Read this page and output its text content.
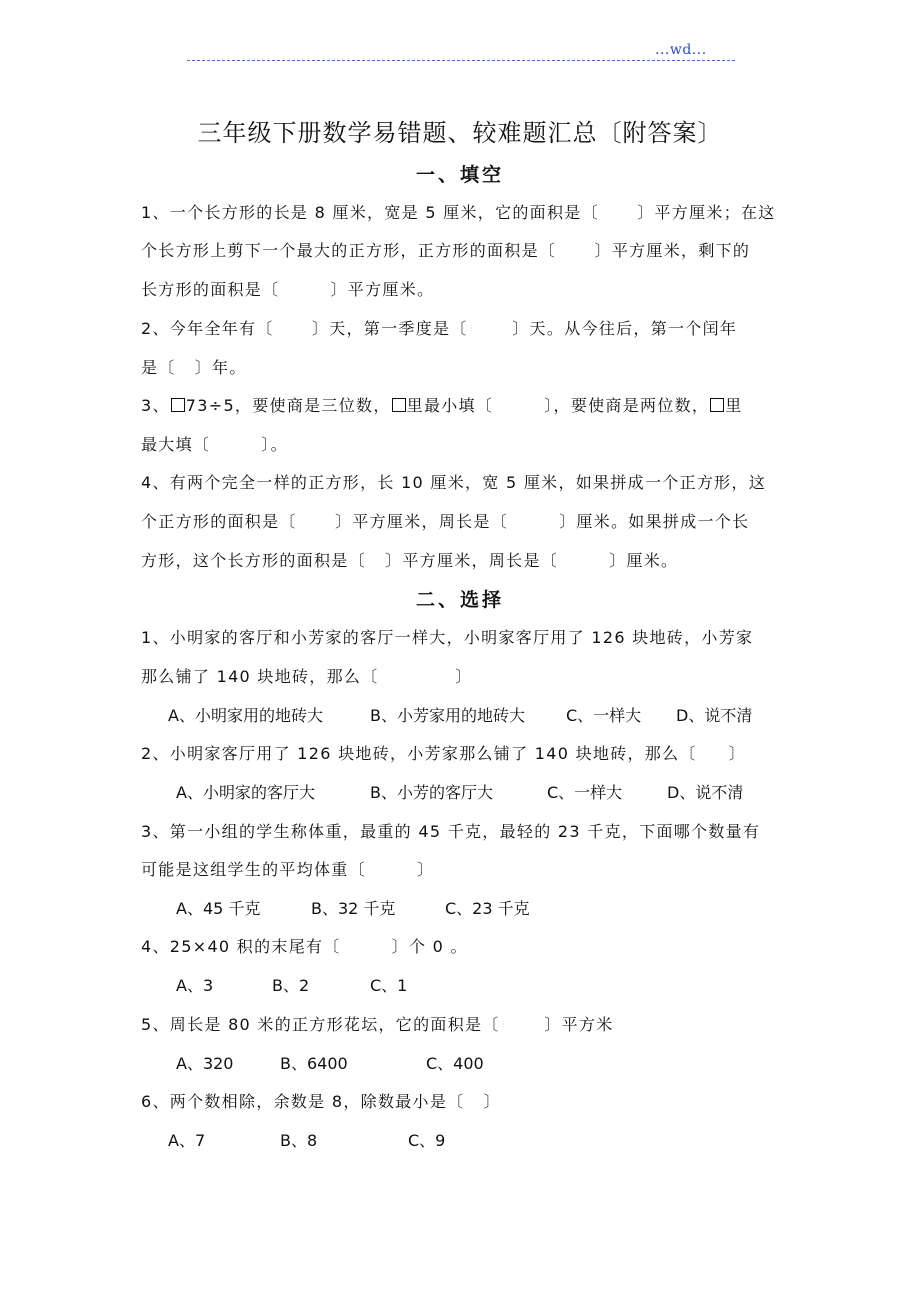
...wd...
三年级下册数学易错题、较难题汇总〔附答案〕
一、填空
1、一个长方形的长是 8 厘米，宽是 5 厘米，它的面积是〔      〕平方厘米；在这
个长方形上剪下一个最大的正方形，正方形的面积是〔      〕平方厘米，剩下的
长方形的面积是〔        〕平方厘米。
2、今年全年有〔      〕天，第一季度是〔       〕天。从今往后，第一个闰年
是〔   〕年。
3、 73÷5，要使商是三位数， 里最小填〔        〕，要使商是两位数， 里
最大填〔        〕。
4、有两个完全一样的正方形，长 10 厘米，宽 5 厘米，如果拼成一个正方形，这
个正方形的面积是〔      〕平方厘米，周长是〔        〕厘米。如果拼成一个长
方形，这个长方形的面积是〔   〕平方厘米，周长是〔        〕厘米。
二、选择
1、小明家的客厅和小芳家的客厅一样大，小明家客厅用了 126 块地砖，小芳家
那么铺了 140 块地砖，那么〔            〕
A、小明家用的地砖大	B、小芳家用的地砖大	C、一样大 D、说不清
2、小明家客厅用了 126 块地砖，小芳家那么铺了 140 块地砖，那么〔     〕
A、小明家的客厅大	B、小芳的客厅大	C、一样大	D、说不清
3、第一小组的学生称体重，最重的 45 千克，最轻的 23 千克，下面哪个数量有
可能是这组学生的平均体重〔        〕
A、45 千克	B、32 千克	C、23 千克
4、25×40 积的末尾有〔        〕个 0 。
A、3	B、2	C、1
5、周长是 80 米的正方形花坛，它的面积是〔       〕平方米
A、320	B、6400	C、400
6、两个数相除，余数是 8，除数最小是〔   〕
A、7	B、8	C、9
